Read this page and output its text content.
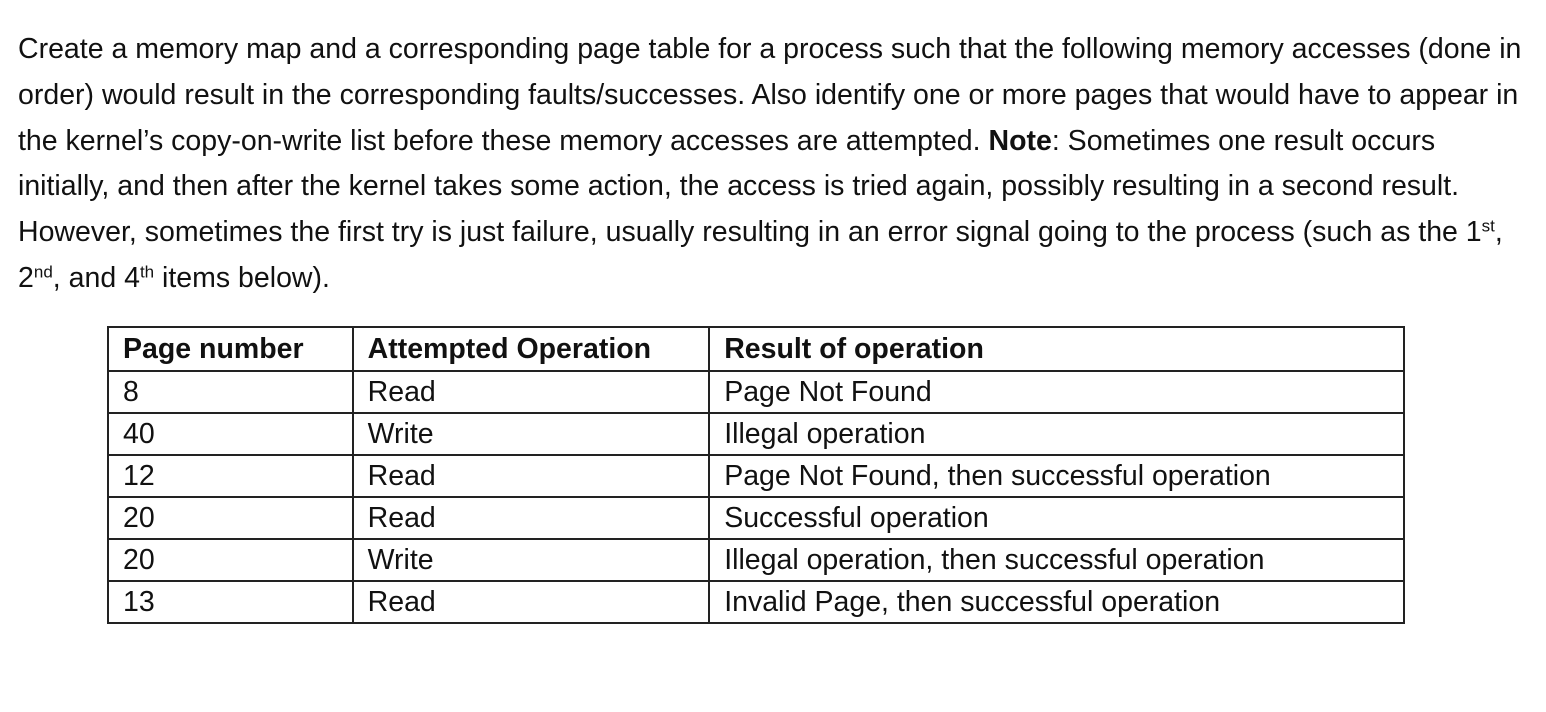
Create a memory map and a corresponding page table for a process such that the following memory accesses (done in order) would result in the corresponding faults/successes. Also identify one or more pages that would have to appear in the kernel’s copy-on-write list before these memory accesses are attempted. Note: Sometimes one result occurs initially, and then after the kernel takes some action, the access is tried again, possibly resulting in a second result. However, sometimes the first try is just failure, usually resulting in an error signal going to the process (such as the 1st, 2nd, and 4th items below).

Page number	Attempted Operation	Result of operation
8	Read	Page Not Found
40	Write	Illegal operation
12	Read	Page Not Found, then successful operation
20	Read	Successful operation
20	Write	Illegal operation, then successful operation
13	Read	Invalid Page, then successful operation
